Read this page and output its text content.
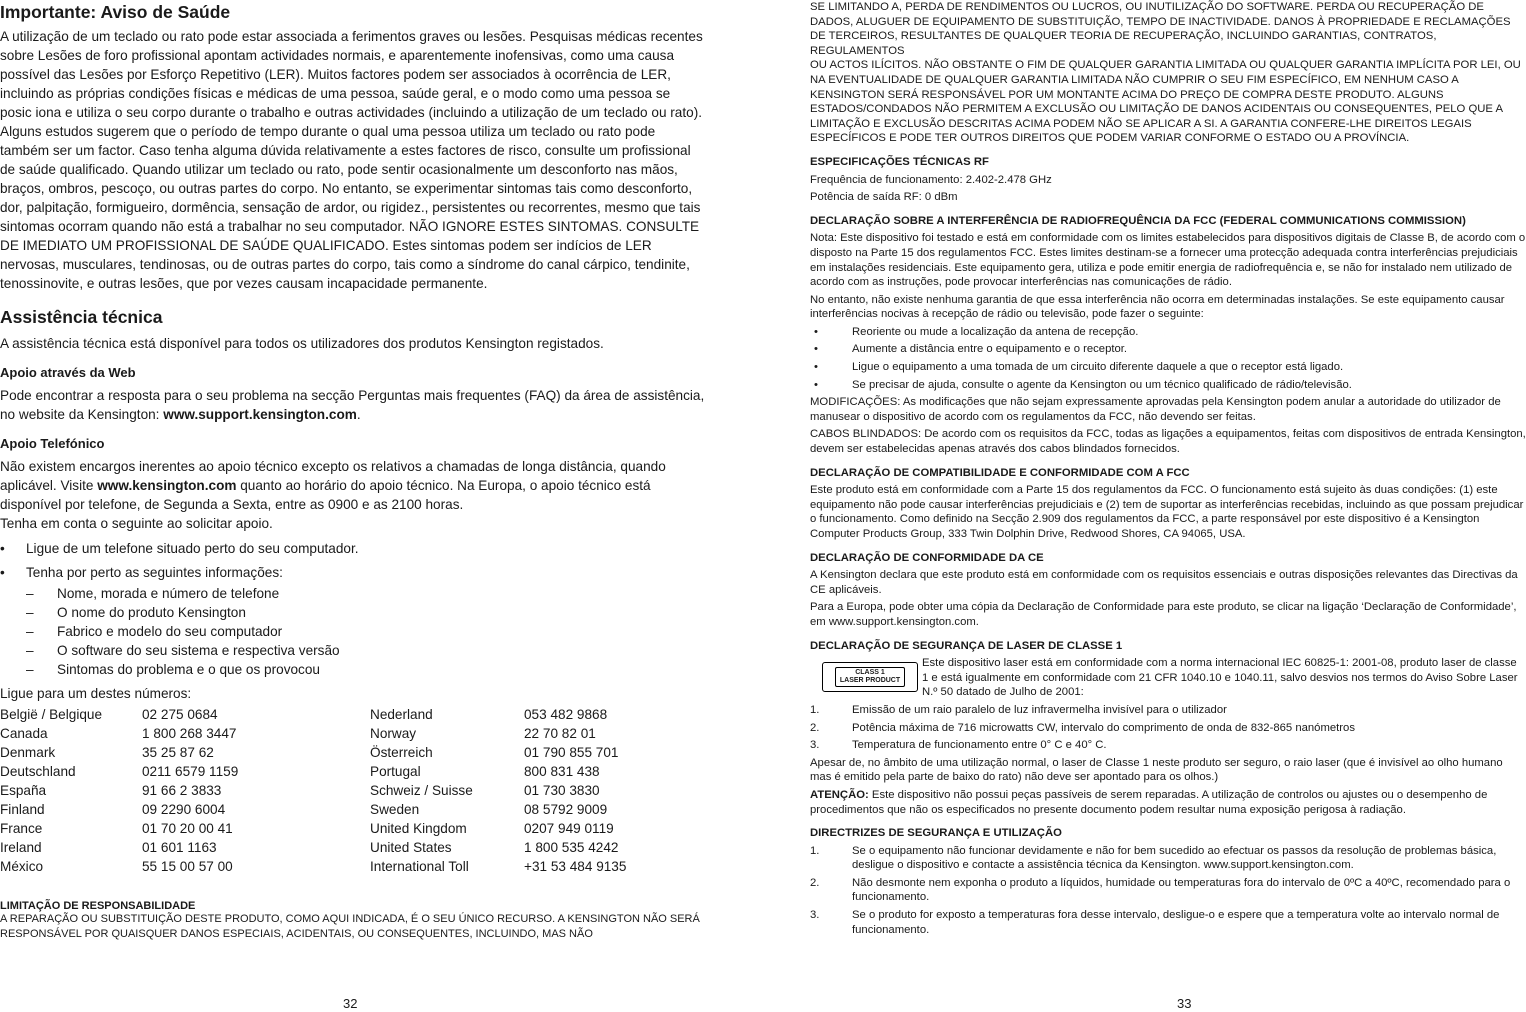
Importante: Aviso de Saúde

A utilização de um teclado ou rato pode estar associada a ferimentos graves ou lesões. Pesquisas médicas recentes sobre Lesões de foro profissional apontam actividades normais, e aparentemente inofensivas, como uma causa possível das Lesões por Esforço Repetitivo (LER). Muitos factores podem ser associados à ocorrência de LER, incluindo as próprias condições físicas e médicas de uma pessoa, saúde geral, e o modo como uma pessoa se posic iona e utiliza o seu corpo durante o trabalho e outras actividades (incluindo a utilização de um teclado ou rato). Alguns estudos sugerem que o período de tempo durante o qual uma pessoa utiliza um teclado ou rato pode também ser um factor. Caso tenha alguma dúvida relativamente a estes factores de risco, consulte um profissional de saúde qualificado. Quando utilizar um teclado ou rato, pode sentir ocasionalmente um desconforto nas mãos, braços, ombros, pescoço, ou outras partes do corpo. No entanto, se experimentar sintomas tais como desconforto, dor, palpitação, formigueiro, dormência, sensação de ardor, ou rigidez., persistentes ou recorrentes, mesmo que tais sintomas ocorram quando não está a trabalhar no seu computador. NÃO IGNORE ESTES SINTOMAS. CONSULTE DE IMEDIATO UM PROFISSIONAL DE SAÚDE QUALIFICADO. Estes sintomas podem ser indícios de LER nervosas, musculares, tendinosas, ou de outras partes do corpo, tais como a síndrome do canal cárpico, tendinite, tenossinovite, e outras lesões, que por vezes causam incapacidade permanente.

Assistência técnica

A assistência técnica está disponível para todos os utilizadores dos produtos Kensington registados.

Apoio através da Web

Pode encontrar a resposta para o seu problema na secção Perguntas mais frequentes (FAQ) da área de assistência, no website da Kensington: www.support.kensington.com.

Apoio Telefónico

Não existem encargos inerentes ao apoio técnico excepto os relativos a chamadas de longa distância, quando aplicável. Visite www.kensington.com quanto ao horário do apoio técnico. Na Europa, o apoio técnico está disponível por telefone, de Segunda a Sexta, entre as 0900 e as 2100 horas.
Tenha em conta o seguinte ao solicitar apoio.

• Ligue de um telefone situado perto do seu computador.
• Tenha por perto as seguintes informações:
– Nome, morada e número de telefone
– O nome do produto Kensington
– Fabrico e modelo do seu computador
– O software do seu sistema e respectiva versão
– Sintomas do problema e o que os provocou

Ligue para um destes números:

België / Belgique	02 275 0684	Nederland	053 482 9868
Canada	1 800 268 3447	Norway	22 70 82 01
Denmark	35 25 87 62	Österreich	01 790 855 701
Deutschland	0211 6579 1159	Portugal	800 831 438
España	91 66 2 3833	Schweiz / Suisse	01 730 3830
Finland	09 2290 6004	Sweden	08 5792 9009
France	01 70 20 00 41	United Kingdom	0207 949 0119
Ireland	01 601 1163	United States	1 800 535 4242
México	55 15 00 57 00	International Toll	+31 53 484 9135

LIMITAÇÃO DE RESPONSABILIDADE

A REPARAÇÃO OU SUBSTITUIÇÃO DESTE PRODUTO, COMO AQUI INDICADA, É O SEU ÚNICO RECURSO. A KENSINGTON NÃO SERÁ RESPONSÁVEL POR QUAISQUER DANOS ESPECIAIS, ACIDENTAIS, OU CONSEQUENTES, INCLUINDO, MAS NÃO

32

SE LIMITANDO A, PERDA DE RENDIMENTOS OU LUCROS, OU INUTILIZAÇÃO DO SOFTWARE. PERDA OU RECUPERAÇÃO DE DADOS, ALUGUER DE EQUIPAMENTO DE SUBSTITUIÇÃO, TEMPO DE INACTIVIDADE. DANOS À PROPRIEDADE E RECLAMAÇÕES DE TERCEIROS, RESULTANTES DE QUALQUER TEORIA DE RECUPERAÇÃO, INCLUINDO GARANTIAS, CONTRATOS, REGULAMENTOS

OU ACTOS ILÍCITOS. NÃO OBSTANTE O FIM DE QUALQUER GARANTIA LIMITADA OU QUALQUER GARANTIA IMPLÍCITA POR LEI, OU NA EVENTUALIDADE DE QUALQUER GARANTIA LIMITADA NÃO CUMPRIR O SEU FIM ESPECÍFICO, EM NENHUM CASO A KENSINGTON SERÁ RESPONSÁVEL POR UM MONTANTE ACIMA DO PREÇO DE COMPRA DESTE PRODUTO. ALGUNS ESTADOS/CONDADOS NÃO PERMITEM A EXCLUSÃO OU LIMITAÇÃO DE DANOS ACIDENTAIS OU CONSEQUENTES, PELO QUE A LIMITAÇÃO E EXCLUSÃO DESCRITAS ACIMA PODEM NÃO SE APLICAR A SI. A GARANTIA CONFERE-LHE DIREITOS LEGAIS ESPECÍFICOS E PODE TER OUTROS DIREITOS QUE PODEM VARIAR CONFORME O ESTADO OU A PROVÍNCIA.

ESPECIFICAÇÕES TÉCNICAS RF

Frequência de funcionamento: 2.402-2.478 GHz

Potência de saída RF: 0 dBm

DECLARAÇÃO SOBRE A INTERFERÊNCIA DE RADIOFREQUÊNCIA DA FCC (FEDERAL COMMUNICATIONS COMMISSION)

Nota: Este dispositivo foi testado e está em conformidade com os limites estabelecidos para dispositivos digitais de Classe B, de acordo com o disposto na Parte 15 dos regulamentos FCC. Estes limites destinam-se a fornecer uma protecção adequada contra interferências prejudiciais em instalações residenciais. Este equipamento gera, utiliza e pode emitir energia de radiofrequência e, se não for instalado nem utilizado de acordo com as instruções, pode provocar interferências nas comunicações de rádio.

No entanto, não existe nenhuma garantia de que essa interferência não ocorra em determinadas instalações. Se este equipamento causar interferências nocivas à recepção de rádio ou televisão, pode fazer o seguinte:

•	Reoriente ou mude a localização da antena de recepção.
•	Aumente a distância entre o equipamento e o receptor.
•	Ligue o equipamento a uma tomada de um circuito diferente daquele a que o receptor está ligado.
•	Se precisar de ajuda, consulte o agente da Kensington ou um técnico qualificado de rádio/televisão.

MODIFICAÇÕES: As modificações que não sejam expressamente aprovadas pela Kensington podem anular a autoridade do utilizador de manusear o dispositivo de acordo com os regulamentos da FCC, não devendo ser feitas.

CABOS BLINDADOS: De acordo com os requisitos da FCC, todas as ligações a equipamentos, feitas com dispositivos de entrada Kensington, devem ser estabelecidas apenas através dos cabos blindados fornecidos.

DECLARAÇÃO DE COMPATIBILIDADE E CONFORMIDADE COM A FCC

Este produto está em conformidade com a Parte 15 dos regulamentos da FCC. O funcionamento está sujeito às duas condições: (1) este equipamento não pode causar interferências prejudiciais e (2) tem de suportar as interferências recebidas, incluindo as que possam prejudicar o funcionamento. Como definido na Secção 2.909 dos regulamentos da FCC, a parte responsável por este dispositivo é a Kensington Computer Products Group, 333 Twin Dolphin Drive, Redwood Shores, CA 94065, USA.

DECLARAÇÃO DE CONFORMIDADE DA CE

A Kensington declara que este produto está em conformidade com os requisitos essenciais e outras disposições relevantes das Directivas da CE aplicáveis.

Para a Europa, pode obter uma cópia da Declaração de Conformidade para este produto, se clicar na ligação ‘Declaração de Conformidade’, em www.support.kensington.com.

DECLARAÇÃO DE SEGURANÇA DE LASER DE CLASSE 1

CLASS 1
LASER PRODUCT

Este dispositivo laser está em conformidade com a norma internacional IEC 60825-1: 2001-08, produto laser de classe 1 e está igualmente em conformidade com 21 CFR 1040.10 e 1040.11, salvo desvios nos termos do Aviso Sobre Laser N.º 50 datado de Julho de 2001:

1.	Emissão de um raio paralelo de luz infravermelha invisível para o utilizador
2.	Potência máxima de 716 microwatts CW, intervalo do comprimento de onda de 832-865 nanómetros
3.	Temperatura de funcionamento entre 0° C e 40° C.

Apesar de, no âmbito de uma utilização normal, o laser de Classe 1 neste produto ser seguro, o raio laser (que é invisível ao olho humano mas é emitido pela parte de baixo do rato) não deve ser apontado para os olhos.)

ATENÇÃO: Este dispositivo não possui peças passíveis de serem reparadas. A utilização de controlos ou ajustes ou o desempenho de procedimentos que não os especificados no presente documento podem resultar numa exposição perigosa à radiação.

DIRECTRIZES DE SEGURANÇA E UTILIZAÇÃO

1.	Se o equipamento não funcionar devidamente e não for bem sucedido ao efectuar os passos da resolução de problemas básica, desligue o dispositivo e contacte a assistência técnica da Kensington. www.support.kensington.com.
2.	Não desmonte nem exponha o produto a líquidos, humidade ou temperaturas fora do intervalo de 0ºC a 40ºC, recomendado para o funcionamento.
3.	Se o produto for exposto a temperaturas fora desse intervalo, desligue-o e espere que a temperatura volte ao intervalo normal de funcionamento.
33
